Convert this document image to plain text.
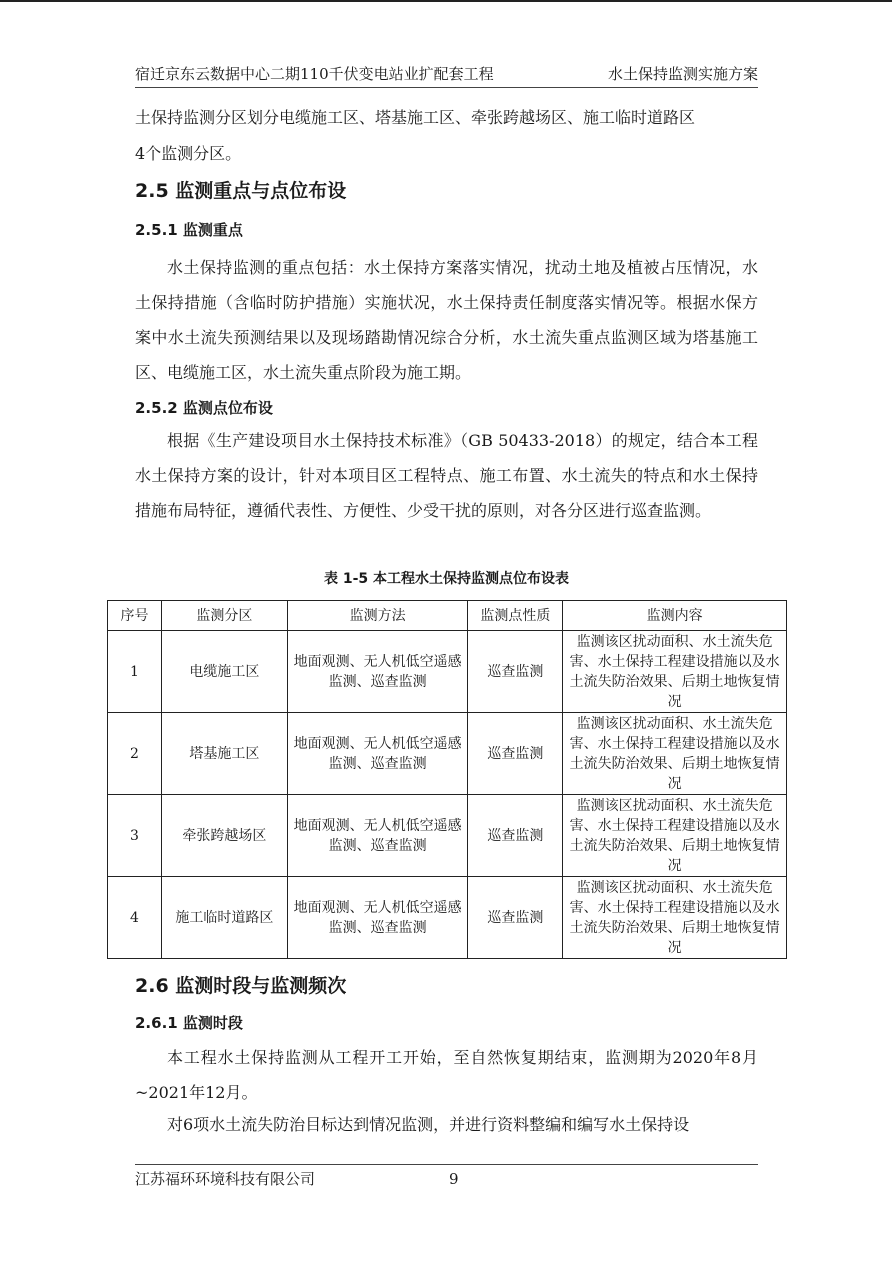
宿迁京东云数据中心二期110千伏变电站业扩配套工程	水土保持监测实施方案

土保持监测分区划分电缆施工区、塔基施工区、牵张跨越场区、施工临时道路区

4个监测分区。

2.5 监测重点与点位布设
2.5.1 监测重点

水土保持监测的重点包括：水土保持方案落实情况，扰动土地及植被占压情况，水土保持措施（含临时防护措施）实施状况，水土保持责任制度落实情况等。根据水保方案中水土流失预测结果以及现场踏勘情况综合分析，水土流失重点监测区域为塔基施工区、电缆施工区，水土流失重点阶段为施工期。

2.5.2 监测点位布设

根据《生产建设项目水土保持技术标准》（GB 50433-2018）的规定，结合本工程水土保持方案的设计，针对本项目区工程特点、施工布置、水土流失的特点和水土保持措施布局特征，遵循代表性、方便性、少受干扰的原则，对各分区进行巡查监测。

表 1-5 本工程水土保持监测点位布设表
序号	监测分区	监测方法	监测点性质	监测内容
1	电缆施工区	地面观测、无人机低空遥感监测、巡查监测	巡查监测	监测该区扰动面积、水土流失危害、水土保持工程建设措施以及水土流失防治效果、后期土地恢复情况
2	塔基施工区	地面观测、无人机低空遥感监测、巡查监测	巡查监测	监测该区扰动面积、水土流失危害、水土保持工程建设措施以及水土流失防治效果、后期土地恢复情况
3	牵张跨越场区	地面观测、无人机低空遥感监测、巡查监测	巡查监测	监测该区扰动面积、水土流失危害、水土保持工程建设措施以及水土流失防治效果、后期土地恢复情况
4	施工临时道路区	地面观测、无人机低空遥感监测、巡查监测	巡查监测	监测该区扰动面积、水土流失危害、水土保持工程建设措施以及水土流失防治效果、后期土地恢复情况
2.6 监测时段与监测频次
2.6.1 监测时段

本工程水土保持监测从工程开工开始，至自然恢复期结束，监测期为2020年8月~2021年12月。

对6项水土流失防治目标达到情况监测，并进行资料整编和编写水土保持设

江苏福环环境科技有限公司	9
